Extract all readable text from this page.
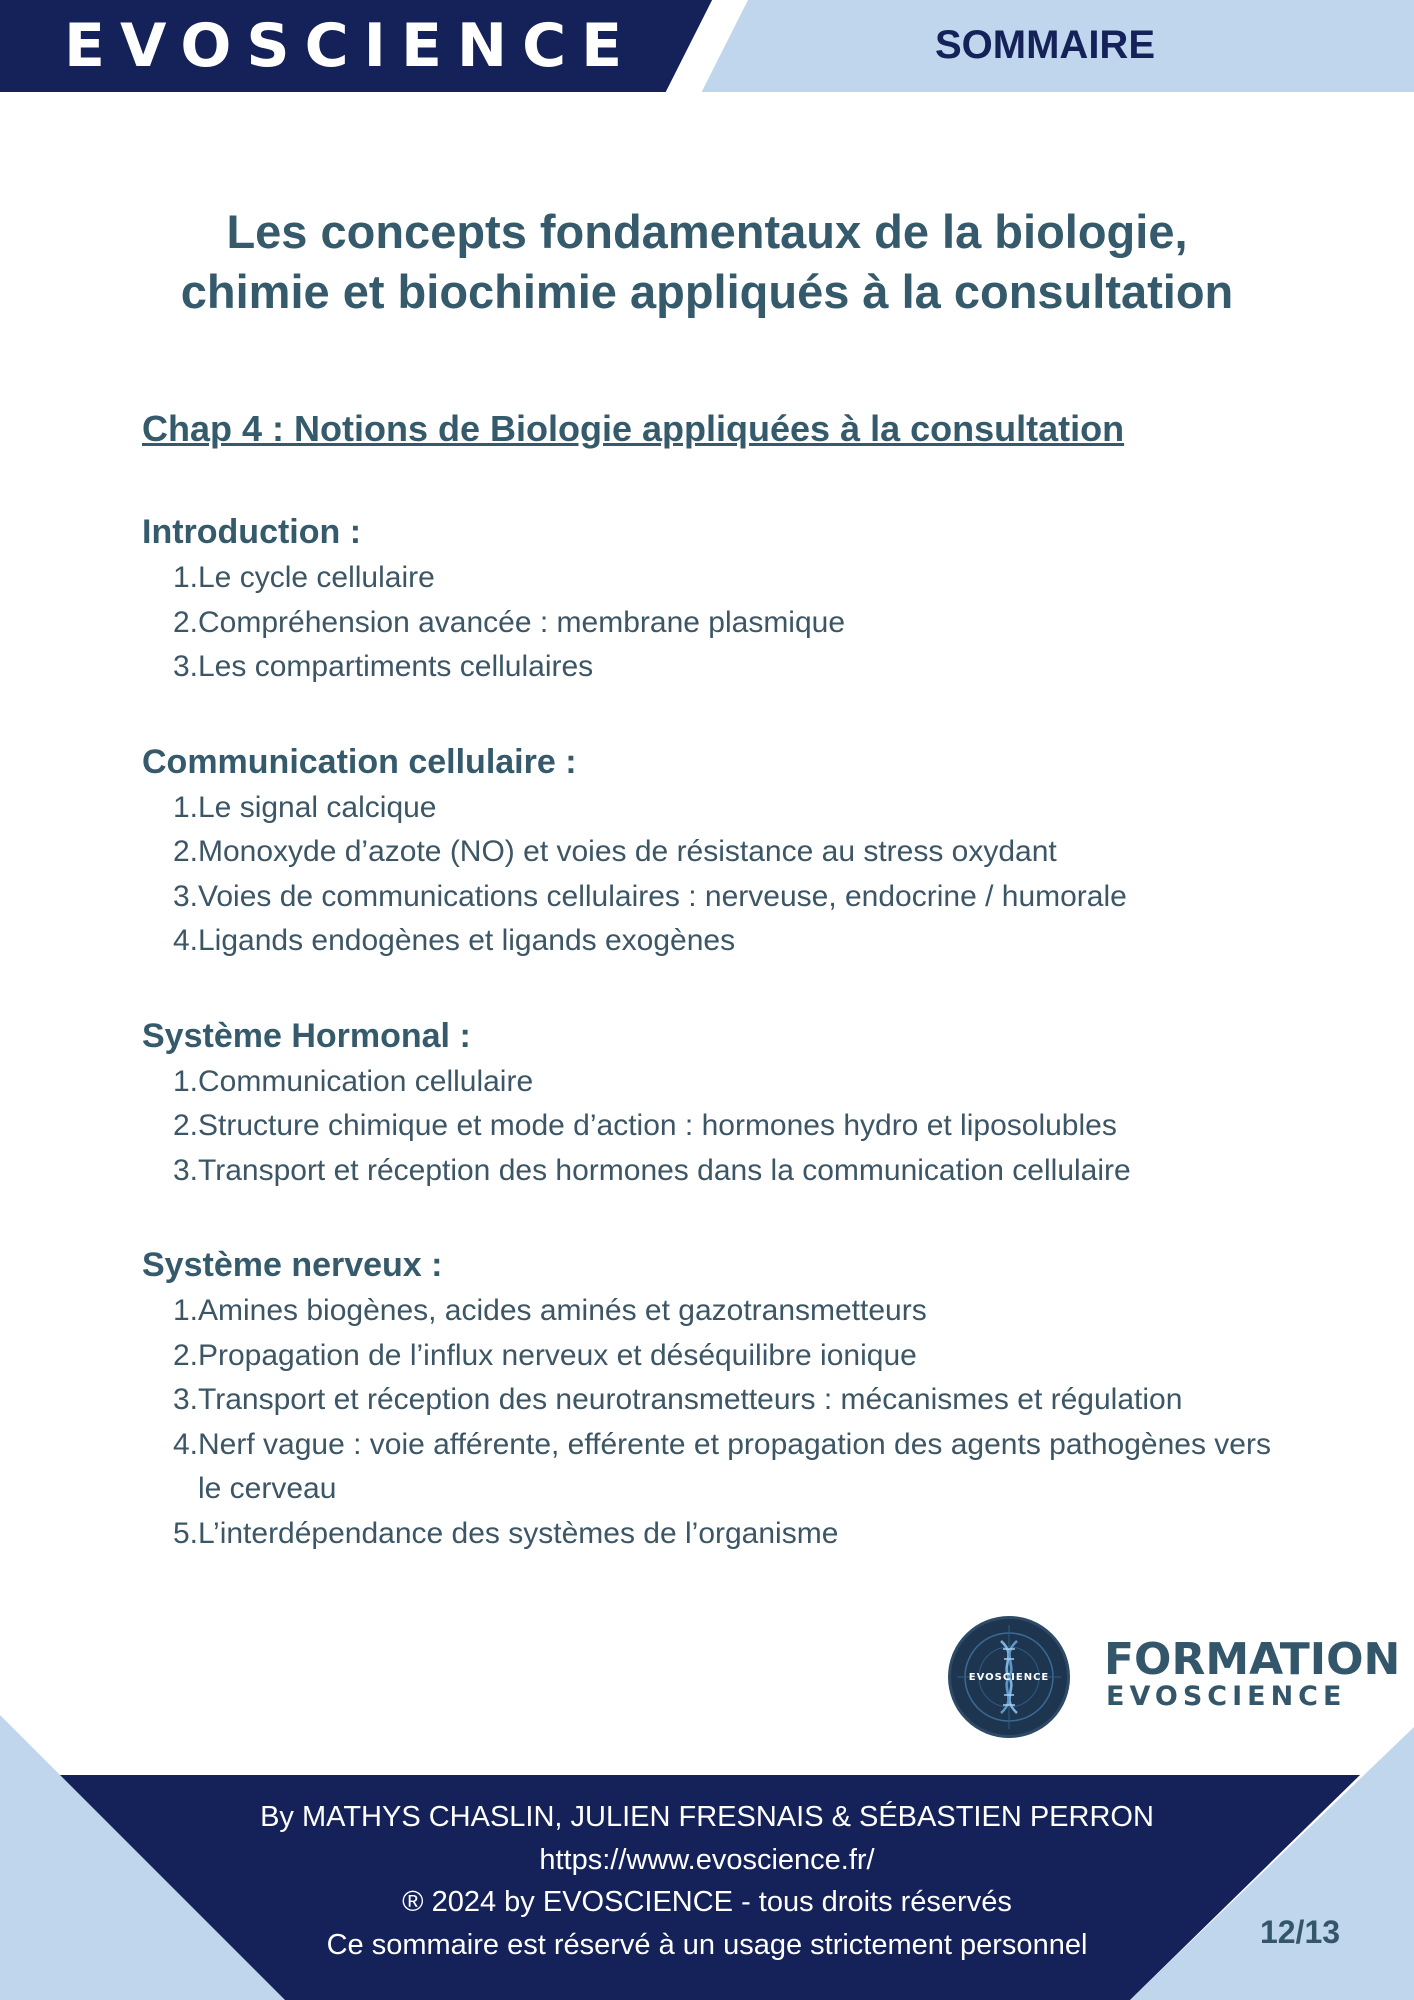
EVOSCIENCE	SOMMAIRE
Les concepts fondamentaux de la biologie,
chimie et biochimie appliqués à la consultation
Chap 4 : Notions de Biologie appliquées à la consultation
Introduction :
1. Le cycle cellulaire
2. Compréhension avancée : membrane plasmique
3. Les compartiments cellulaires
Communication cellulaire :
1. Le signal calcique
2. Monoxyde d’azote (NO) et voies de résistance au stress oxydant
3. Voies de communications cellulaires : nerveuse, endocrine / humorale
4. Ligands endogènes et ligands exogènes
Système Hormonal :
1. Communication cellulaire
2. Structure chimique et mode d’action : hormones hydro et liposolubles
3. Transport et réception des hormones dans la communication cellulaire
Système nerveux :
1. Amines biogènes, acides aminés et gazotransmetteurs
2. Propagation de l’influx nerveux et déséquilibre ionique
3. Transport et réception des neurotransmetteurs : mécanismes et régulation
4. Nerf vague : voie afférente, efférente et propagation des agents pathogènes vers le cerveau
5. L’interdépendance des systèmes de l’organisme
EVOSCIENCE	FORMATION
EVOSCIENCE
By MATHYS CHASLIN, JULIEN FRESNAIS & SÉBASTIEN PERRON
https://www.evoscience.fr/
® 2024 by EVOSCIENCE - tous droits réservés
Ce sommaire est réservé à un usage strictement personnel	12/13
